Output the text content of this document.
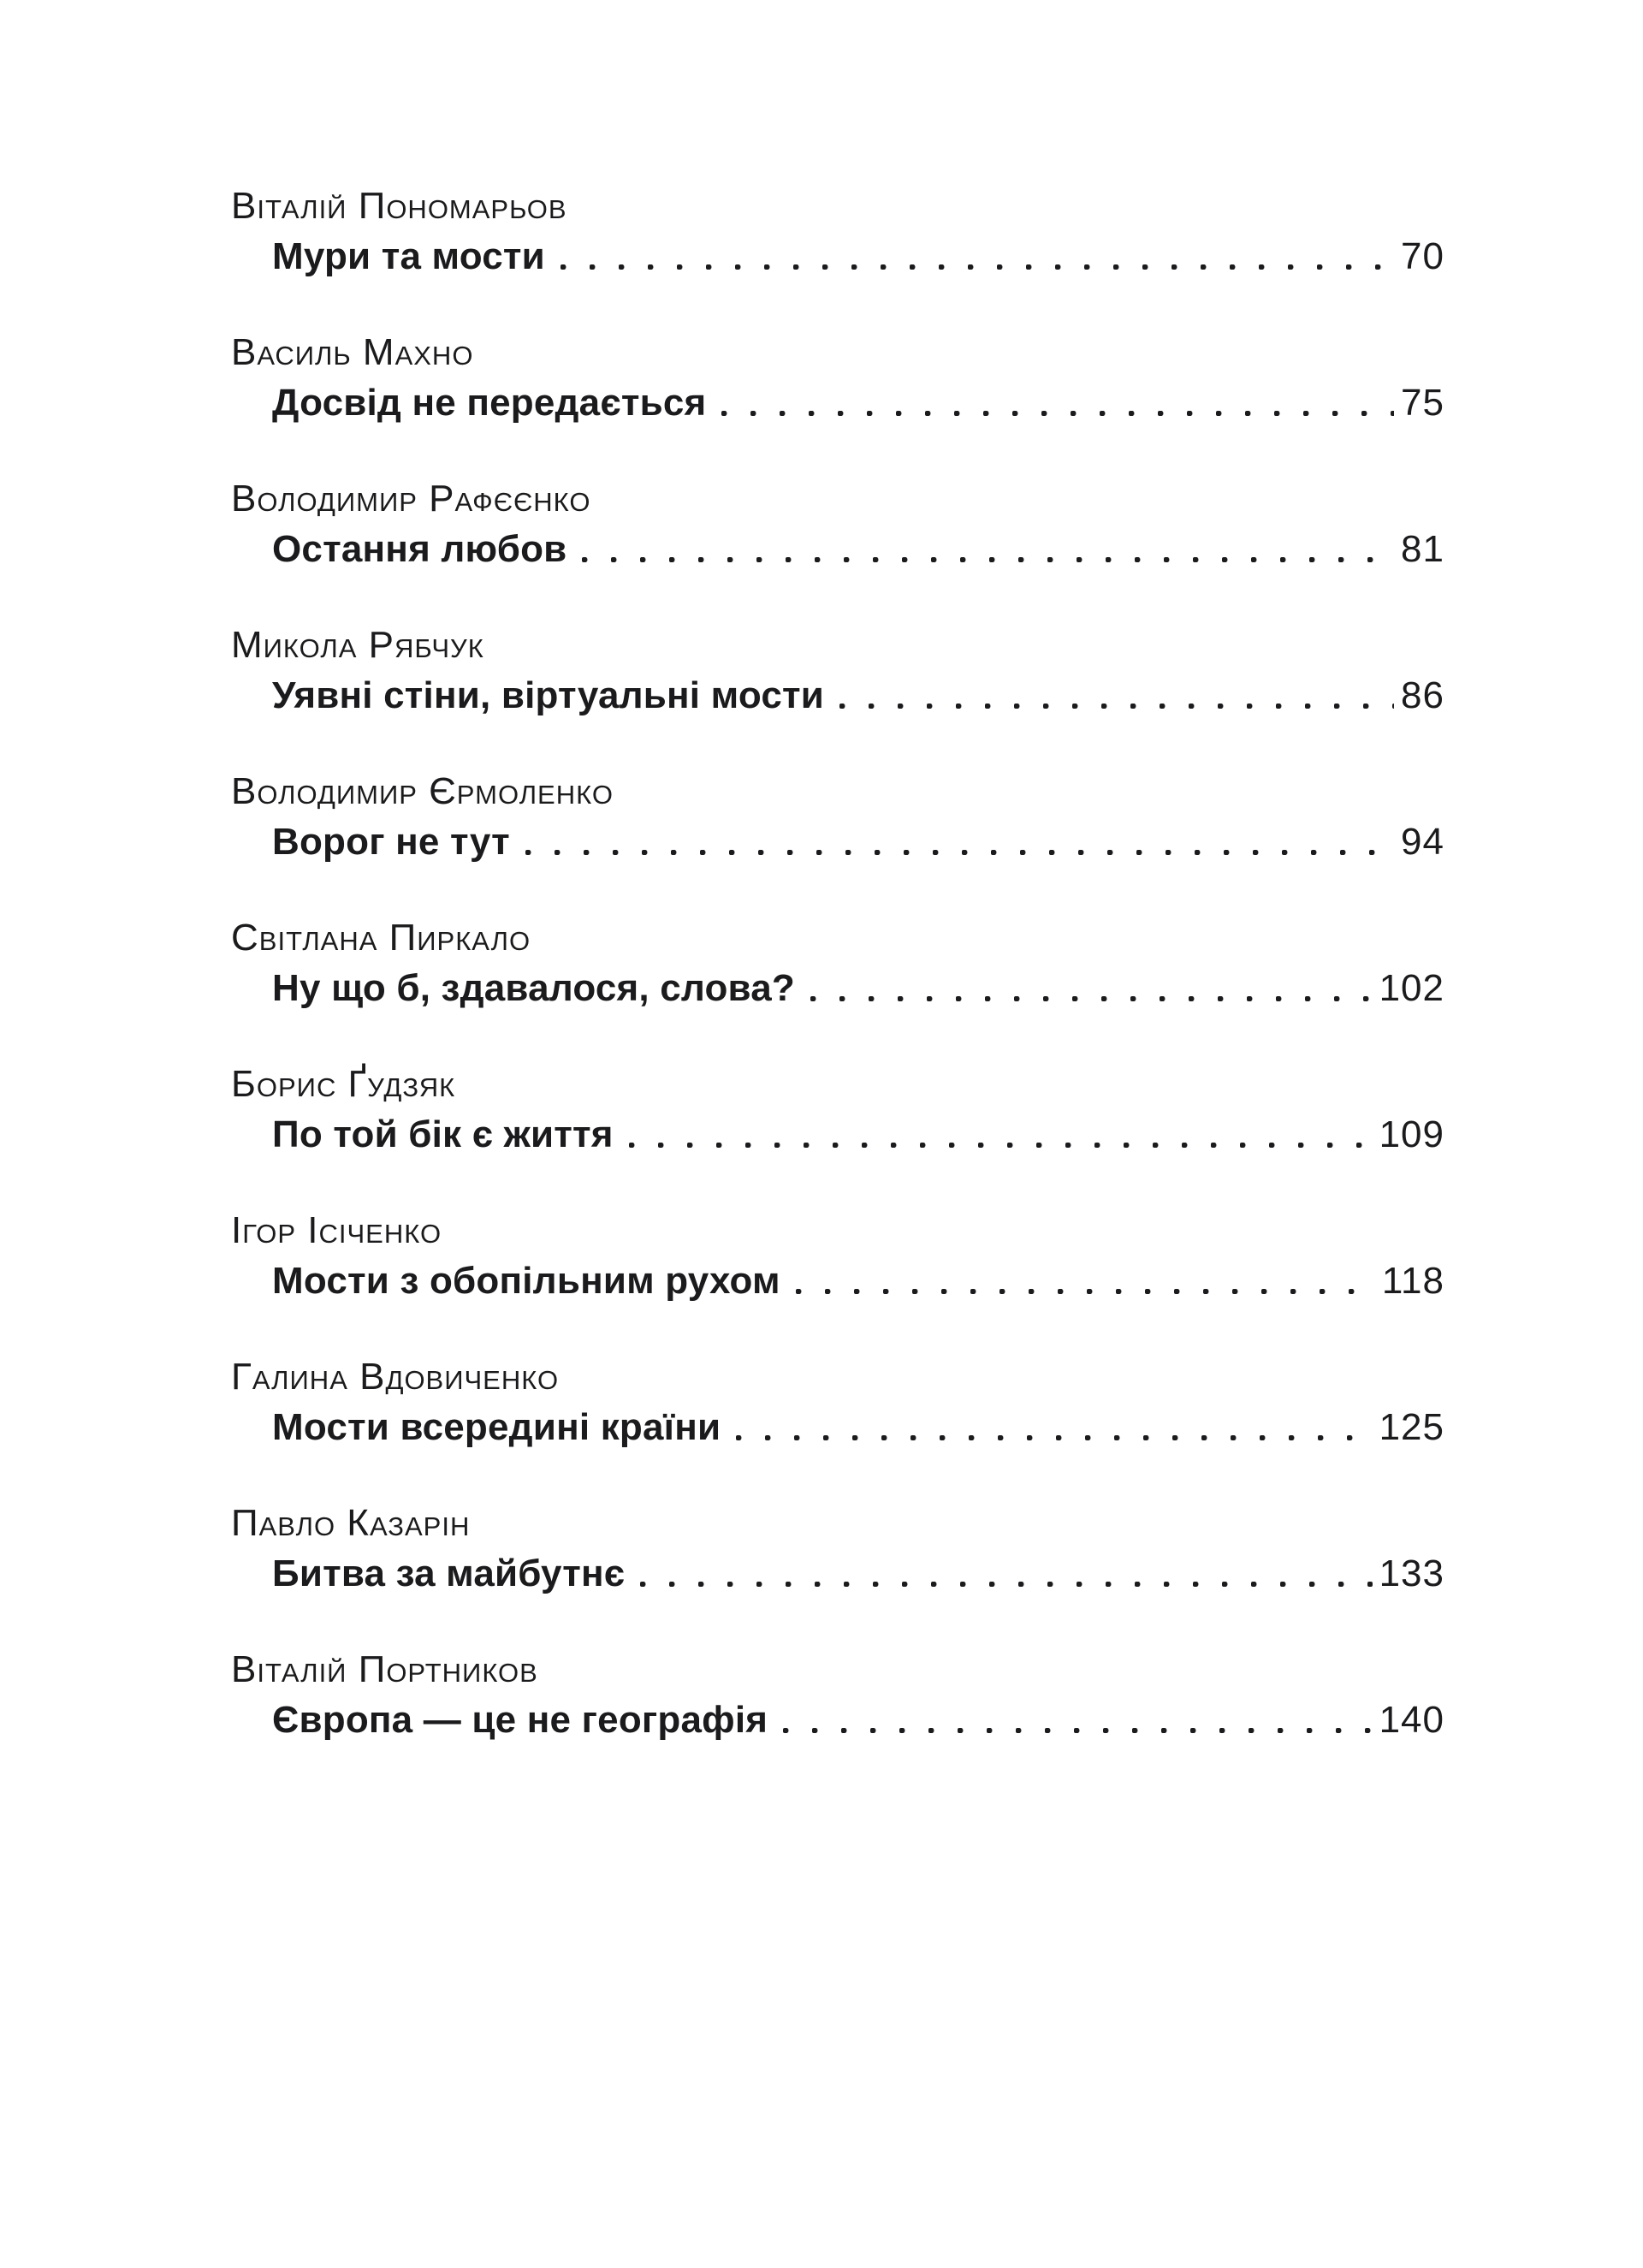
Віталій Пономарьов
Мури та мости	70
Василь Махно
Досвід не передається	75
Володимир Рафєєнко
Остання любов	81
Микола Рябчук
Уявні стіни, віртуальні мости	86
Володимир Єрмоленко
Ворог не тут	94
Світлана Пиркало
Ну що б, здавалося, слова?	102
Борис Ґудзяк
По той бік є життя	109
Ігор Ісіченко
Мости з обопільним рухом	118
Галина Вдовиченко
Мости всередині країни	125
Павло Казарін
Битва за майбутнє	133
Віталій Портников
Європа — це не географія	140
